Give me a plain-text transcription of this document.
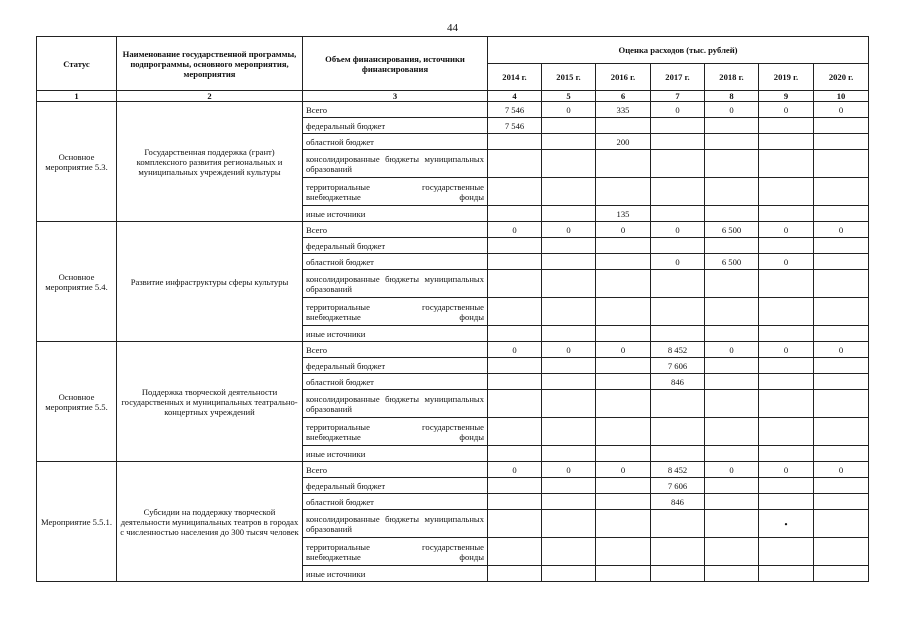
44
Статус	Наименование государственной программы, подпрограммы, основного мероприятия, мероприятия	Объем финансирования, источники финансирования	Оценка расходов (тыс. рублей)						
			2014 г.	2015 г.	2016 г.	2017 г.	2018 г.	2019 г.	2020 г.
1	2	3	4	5	6	7	8	9	10
Основное мероприятие 5.3.	Государственная поддержка (грант) комплексного развития региональных и муниципальных учреждений культуры	Всего	7 546	0	335	0	0	0	0
		федеральный бюджет	7 546						
		областной бюджет			200				
		консолидированные бюджеты муниципальных образований							
		территориальные государственные внебюджетные фонды							
		иные источники			135				
Основное мероприятие 5.4.	Развитие инфраструктуры сферы культуры	Всего	0	0	0	0	6 500	0	0
		федеральный бюджет							
		областной бюджет				0	6 500	0	
		консолидированные бюджеты муниципальных образований							
		территориальные государственные внебюджетные фонды							
		иные источники							
Основное мероприятие 5.5.	Поддержка творческой деятельности государственных и муниципальных театрально-концертных учреждений	Всего	0	0	0	8 452	0	0	0
		федеральный бюджет				7 606			
		областной бюджет				846			
		консолидированные бюджеты муниципальных образований							
		территориальные государственные внебюджетные фонды							
		иные источники							
Мероприятие 5.5.1.	Субсидии на поддержку творческой деятельности муниципальных театров в городах с численностью населения до 300 тысяч человек	Всего	0	0	0	8 452	0	0	0
		федеральный бюджет				7 606			
		областной бюджет				846			
		консолидированные бюджеты муниципальных образований						•	
		территориальные государственные внебюджетные фонды							
		иные источники							
